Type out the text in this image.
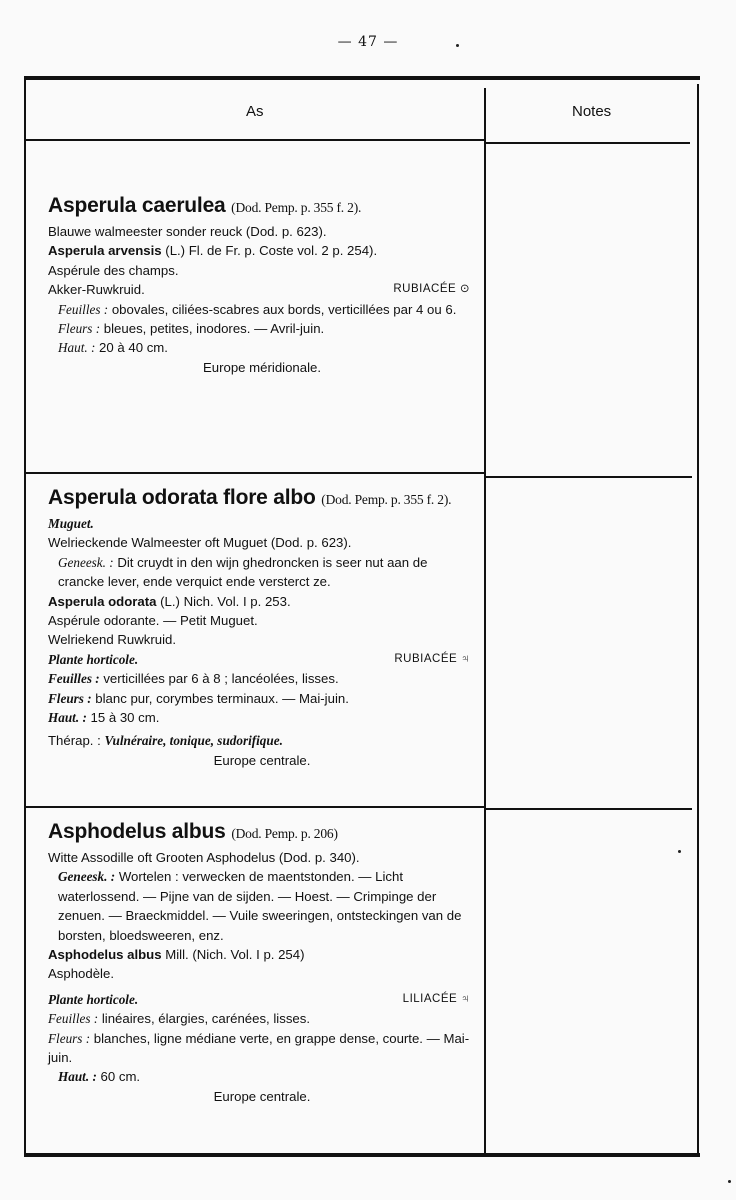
— 47 —
As	Notes

Asperula caerulea (Dod. Pemp. p. 355 f. 2).

Blauwe walmeester sonder reuck (Dod. p. 623).

Asperula arvensis (L.) Fl. de Fr. p. Coste vol. 2 p. 254).

Aspérule des champs.

Akker-Ruwkruid.	RUBIACÉE ⊙

Feuilles : obovales, ciliées-scabres aux bords, verticillées par 4 ou 6.

Fleurs : bleues, petites, inodores. — Avril-juin.

Haut. : 20 à 40 cm.

Europe méridionale.

Asperula odorata flore albo (Dod. Pemp. p. 355 f. 2).

Muguet.

Welrieckende Walmeester oft Muguet (Dod. p. 623).

Geneesk. : Dit cruydt in den wijn ghedroncken is seer nut aan de crancke lever, ende verquict ende versterct ze.

Asperula odorata (L.) Nich. Vol. I p. 253.

Aspérule odorante. — Petit Muguet.

Welriekend Ruwkruid.

Plante horticole.	RUBIACÉE ♃

Feuilles : verticillées par 6 à 8 ; lancéolées, lisses.

Fleurs : blanc pur, corymbes terminaux. — Mai-juin.

Haut. : 15 à 30 cm.

Thérap. : Vulnéraire, tonique, sudorifique.

Europe centrale.

Asphodelus albus (Dod. Pemp. p. 206)

Witte Assodille oft Grooten Asphodelus (Dod. p. 340).

Geneesk. : Wortelen : verwecken de maentstonden. — Licht waterlossend. — Pijne van de sijden. — Hoest. — Crimpinge der zenuen. — Braeckmiddel. — Vuile sweeringen, ontsteckingen van de borsten, bloedsweeren, enz.

Asphodelus albus Mill. (Nich. Vol. I p. 254)

Asphodèle.

Plante horticole.	LILIACÉE ♃

Feuilles : linéaires, élargies, carénées, lisses.

Fleurs : blanches, ligne médiane verte, en grappe dense, courte. — Mai-juin.

Haut. : 60 cm.

Europe centrale.
